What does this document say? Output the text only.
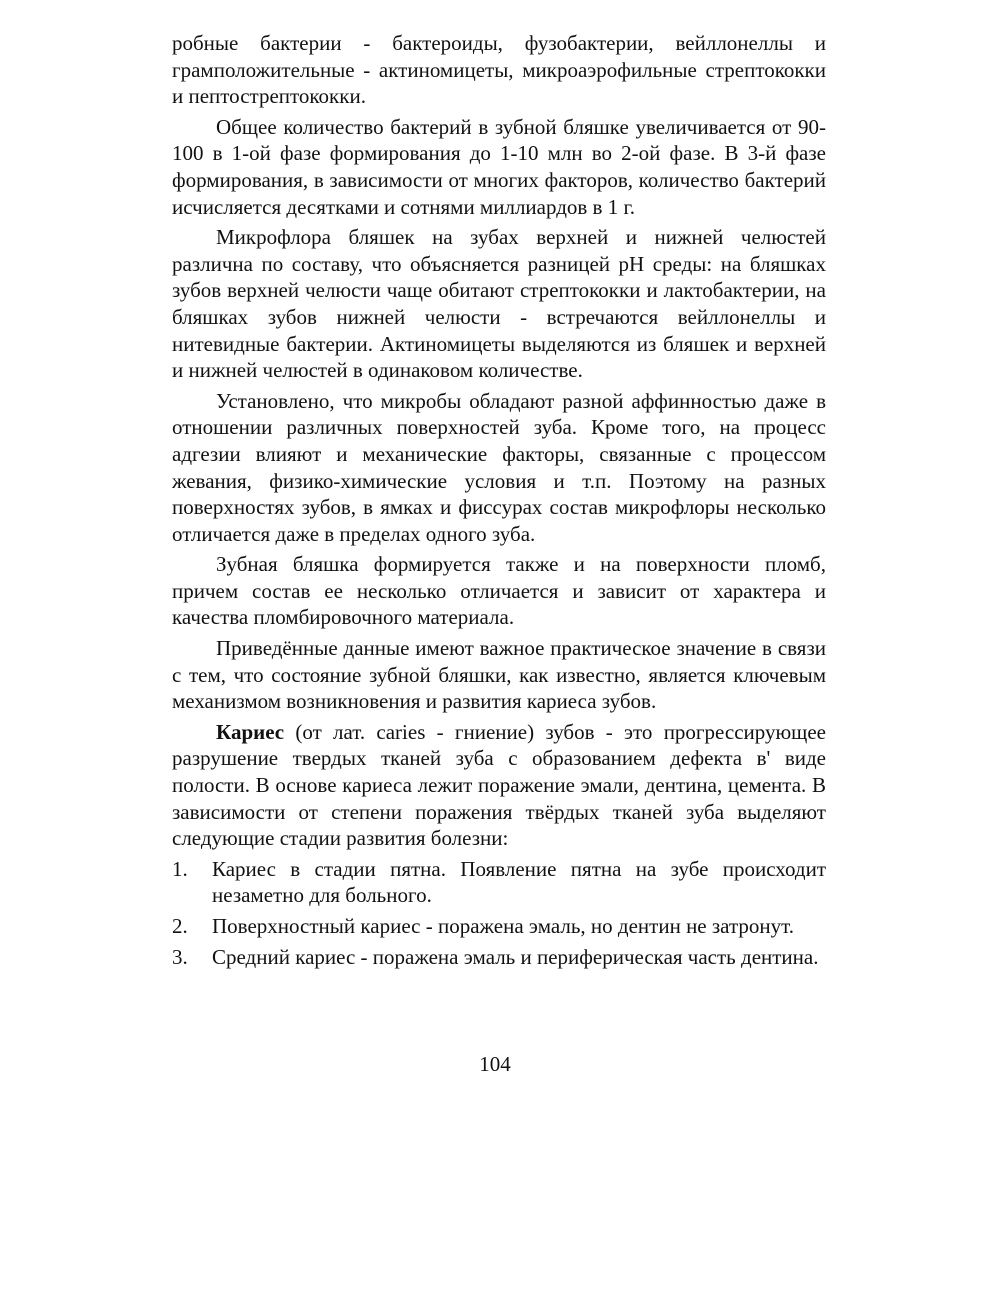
робные бактерии - бактероиды, фузобактерии, вейллонеллы и грамположительные - актиномицеты, микроаэрофильные стрептококки и пептострептококки.

Общее количество бактерий в зубной бляшке увеличивается от 90-100 в 1-ой фазе формирования до 1-10 млн во 2-ой фазе. В 3-й фазе формирования, в зависимости от многих факторов, количество бактерий исчисляется десятками и сотнями миллиардов в 1 г.

Микрофлора бляшек на зубах верхней и нижней челюстей различна по составу, что объясняется разницей pH среды: на бляшках зубов верхней челюсти чаще обитают стрептококки и лактобактерии, на бляшках зубов нижней челюсти - встречаются вейллонеллы и нитевидные бактерии. Актиномицеты выделяются из бляшек и верхней и нижней челюстей в одинаковом количестве.

Установлено, что микробы обладают разной аффинностью даже в отношении различных поверхностей зуба. Кроме того, на процесс адгезии влияют и механические факторы, связанные с процессом жевания, физико-химические условия и т.п. Поэтому на разных поверхностях зубов, в ямках и фиссурах состав микрофлоры несколько отличается даже в пределах одного зуба.

Зубная бляшка формируется также и на поверхности пломб, причем состав ее несколько отличается и зависит от характера и качества пломбировочного материала.

Приведённые данные имеют важное практическое значение в связи с тем, что состояние зубной бляшки, как известно, является ключевым механизмом возникновения и развития кариеса зубов.

Кариес (от лат. caries - гниение) зубов - это прогрессирующее разрушение твердых тканей зуба с образованием дефекта в' виде полости. В основе кариеса лежит поражение эмали, дентина, цемента. В зависимости от степени поражения твёрдых тканей зуба выделяют следующие стадии развития болезни:

1.	Кариес в стадии пятна. Появление пятна на зубе происходит незаметно для больного.
2.	Поверхностный кариес - поражена эмаль, но дентин не затронут.
3.	Средний кариес - поражена эмаль и периферическая часть дентина.
104
